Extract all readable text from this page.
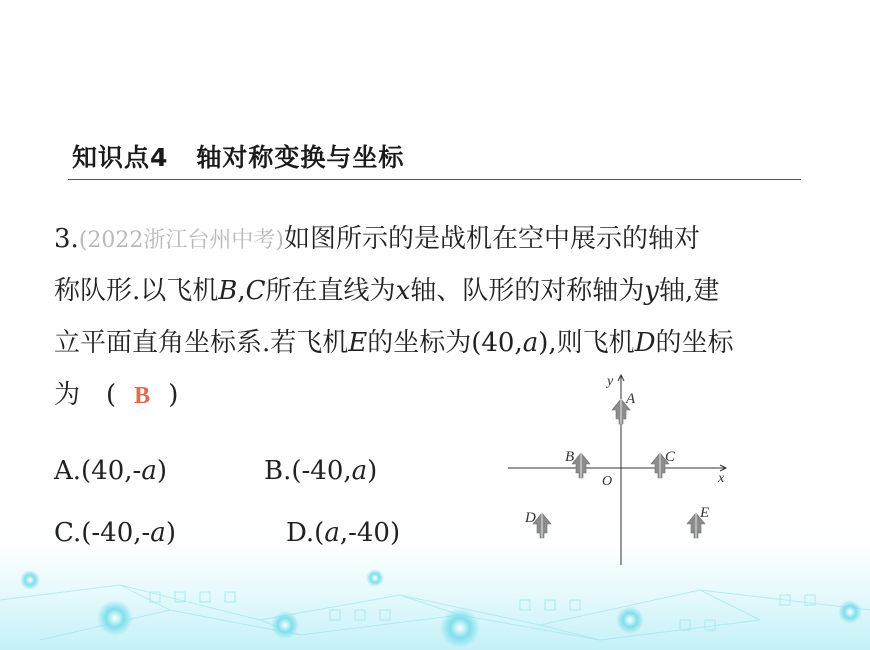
知识点4 轴对称变换与坐标
3.(2022浙江台州中考)如图所示的是战机在空中展示的轴对
称队形.以飞机B,C所在直线为x轴、队形的对称轴为y轴,建
立平面直角坐标系.若飞机E的坐标为(40,a),则飞机D的坐标
为 ( B )
A.(40,-a)	B.(-40,a)
C.(-40,-a)	D.(a,-40)
x
y
O
A
B	C
D	E
